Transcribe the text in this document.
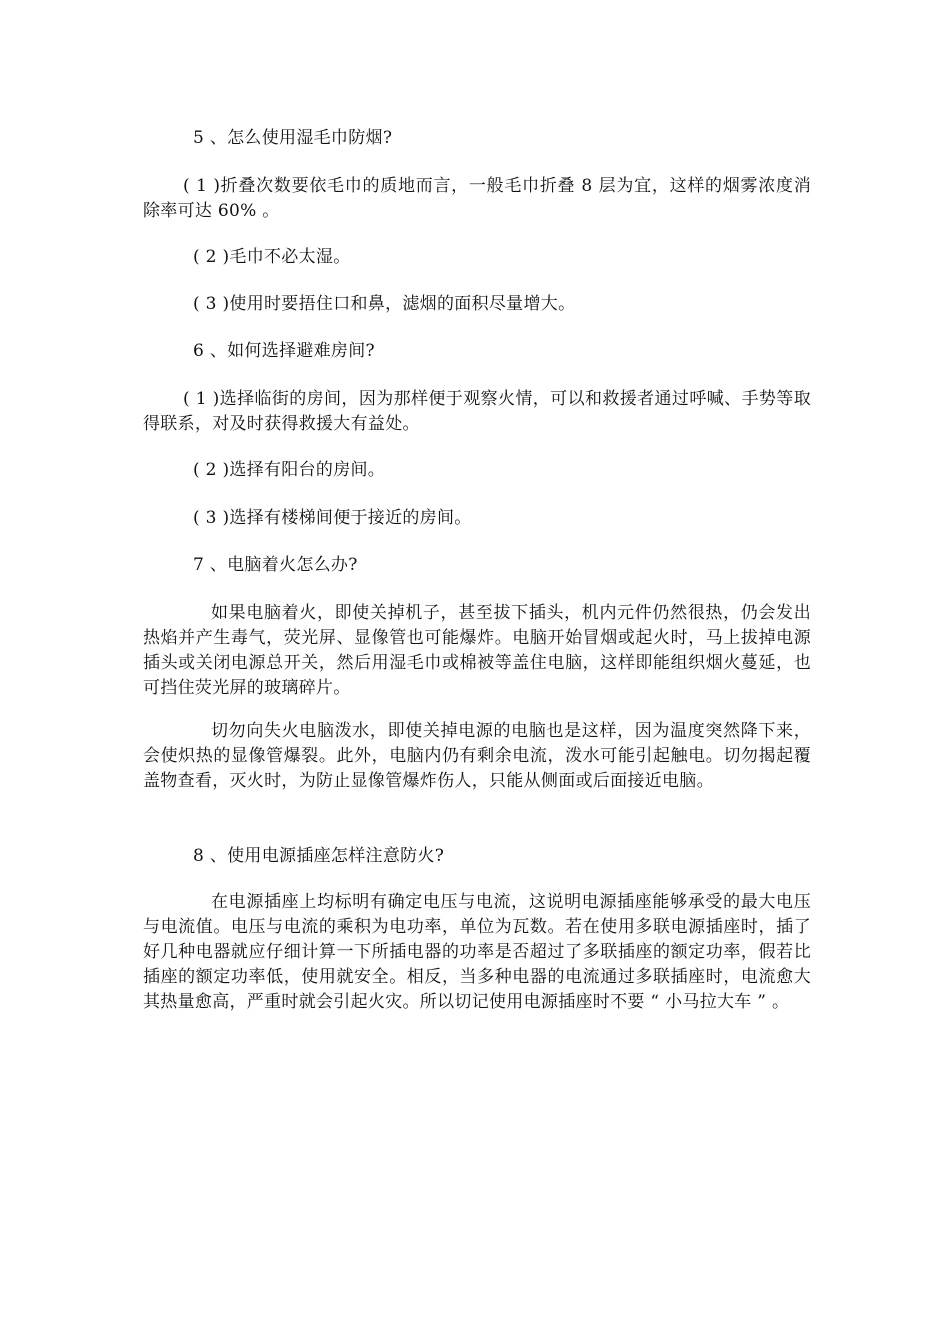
5 、怎么使用湿毛巾防烟?

( 1 )折叠次数要依毛巾的质地而言，一般毛巾折叠 8 层为宜，这样的烟雾浓度消除率可达 60% 。

( 2 )毛巾不必太湿。

( 3 )使用时要捂住口和鼻，滤烟的面积尽量增大。

6 、如何选择避难房间?

( 1 )选择临街的房间，因为那样便于观察火情，可以和救援者通过呼喊、手势等取得联系，对及时获得救援大有益处。

( 2 )选择有阳台的房间。

( 3 )选择有楼梯间便于接近的房间。

7 、电脑着火怎么办?

如果电脑着火，即使关掉机子，甚至拔下插头，机内元件仍然很热，仍会发出热焰并产生毒气，荧光屏、显像管也可能爆炸。电脑开始冒烟或起火时，马上拔掉电源插头或关闭电源总开关，然后用湿毛巾或棉被等盖住电脑，这样即能组织烟火蔓延，也可挡住荧光屏的玻璃碎片。

切勿向失火电脑泼水，即使关掉电源的电脑也是这样，因为温度突然降下来，会使炽热的显像管爆裂。此外，电脑内仍有剩余电流，泼水可能引起触电。切勿揭起覆盖物查看，灭火时，为防止显像管爆炸伤人，只能从侧面或后面接近电脑。

8 、使用电源插座怎样注意防火?

在电源插座上均标明有确定电压与电流，这说明电源插座能够承受的最大电压与电流值。电压与电流的乘积为电功率，单位为瓦数。若在使用多联电源插座时，插了好几种电器就应仔细计算一下所插电器的功率是否超过了多联插座的额定功率，假若比插座的额定功率低，使用就安全。相反，当多种电器的电流通过多联插座时，电流愈大其热量愈高，严重时就会引起火灾。所以切记使用电源插座时不要 “ 小马拉大车 ” 。
